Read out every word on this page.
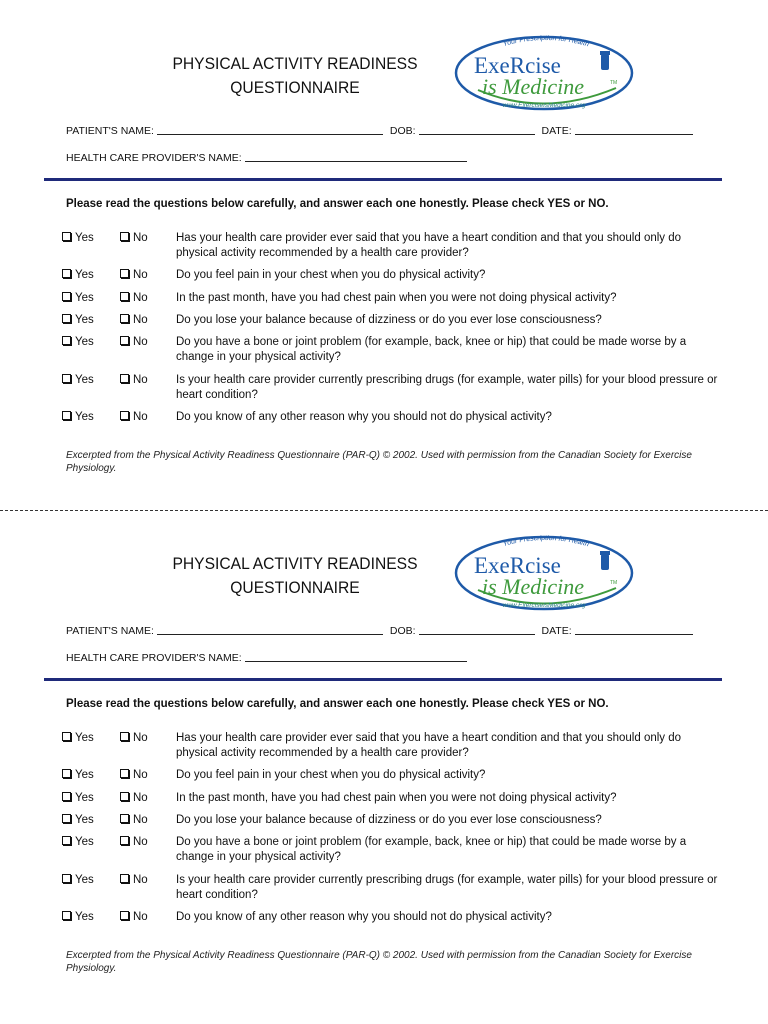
PHYSICAL ACTIVITY READINESS
QUESTIONNAIRE
Your Prescription for Health
ExeRcise
is Medicine	TM
www.ExerciseIsMedicine.org
PATIENT'S NAME:	DOB:	DATE:
HEALTH CARE PROVIDER'S NAME:
Please read the questions below carefully, and answer each one honestly. Please check YES or NO.
Yes	No Has your health care provider ever said that you have a heart condition and that you should only do physical activity recommended by a health care provider?
Yes	No Do you feel pain in your chest when you do physical activity?
Yes	No In the past month, have you had chest pain when you were not doing physical activity?
Yes	No Do you lose your balance because of dizziness or do you ever lose consciousness?
Yes	No Do you have a bone or joint problem (for example, back, knee or hip) that could be made worse by a change in your physical activity?
Yes	No Is your health care provider currently prescribing drugs (for example, water pills) for your blood pressure or heart condition?
Yes	No Do you know of any other reason why you should not do physical activity?
Excerpted from the Physical Activity Readiness Questionnaire (PAR-Q) © 2002. Used with permission from the Canadian Society for Exercise Physiology.
PHYSICAL ACTIVITY READINESS
QUESTIONNAIRE
Your Prescription for Health
ExeRcise
is Medicine	TM
www.ExerciseIsMedicine.org
PATIENT'S NAME:	DOB:	DATE:
HEALTH CARE PROVIDER'S NAME:
Please read the questions below carefully, and answer each one honestly. Please check YES or NO.
Yes	No Has your health care provider ever said that you have a heart condition and that you should only do physical activity recommended by a health care provider?
Yes	No Do you feel pain in your chest when you do physical activity?
Yes	No In the past month, have you had chest pain when you were not doing physical activity?
Yes	No Do you lose your balance because of dizziness or do you ever lose consciousness?
Yes	No Do you have a bone or joint problem (for example, back, knee or hip) that could be made worse by a change in your physical activity?
Yes	No Is your health care provider currently prescribing drugs (for example, water pills) for your blood pressure or heart condition?
Yes	No Do you know of any other reason why you should not do physical activity?
Excerpted from the Physical Activity Readiness Questionnaire (PAR-Q) © 2002. Used with permission from the Canadian Society for Exercise Physiology.
